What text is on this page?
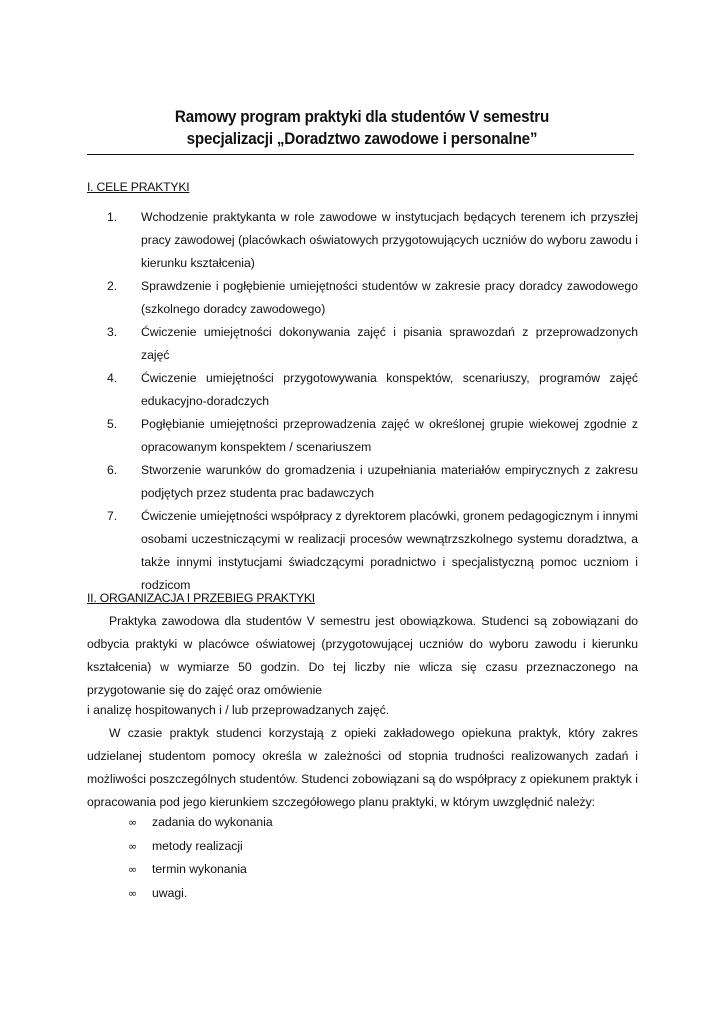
Ramowy program praktyki dla studentów V semestru
specjalizacji „Doradztwo zawodowe i personalne”
I. CELE PRAKTYKI
1. Wchodzenie praktykanta w role zawodowe w instytucjach będących terenem ich przyszłej pracy zawodowej (placówkach oświatowych przygotowujących uczniów do wyboru zawodu i kierunku kształcenia)
2. Sprawdzenie i pogłębienie umiejętności studentów w zakresie pracy doradcy zawodowego (szkolnego doradcy zawodowego)
3. Ćwiczenie umiejętności dokonywania zajęć i pisania sprawozdań z przeprowadzonych zajęć
4. Ćwiczenie umiejętności przygotowywania konspektów, scenariuszy, programów zajęć edukacyjno-doradczych
5. Pogłębianie umiejętności przeprowadzenia zajęć w określonej grupie wiekowej zgodnie z opracowanym konspektem / scenariuszem
6. Stworzenie warunków do gromadzenia i uzupełniania materiałów empirycznych z zakresu podjętych przez studenta prac badawczych
7. Ćwiczenie umiejętności współpracy z dyrektorem placówki, gronem pedagogicznym i innymi osobami uczestniczącymi w realizacji procesów wewnątrzszkolnego systemu doradztwa, a także innymi instytucjami świadczącymi poradnictwo i specjalistyczną pomoc uczniom i rodzicom
II. ORGANIZACJA I PRZEBIEG PRAKTYKI
Praktyka zawodowa dla studentów V semestru jest obowiązkowa. Studenci są zobowiązani do odbycia praktyki w placówce oświatowej (przygotowującej uczniów do wyboru zawodu i kierunku kształcenia) w wymiarze 50 godzin. Do tej liczby nie wlicza się czasu przeznaczonego na przygotowanie się do zajęć oraz omówienie
i analizę hospitowanych i / lub przeprowadzanych zajęć.
W czasie praktyk studenci korzystają z opieki zakładowego opiekuna praktyk, który zakres udzielanej studentom pomocy określa w zależności od stopnia trudności realizowanych zadań i możliwości poszczególnych studentów. Studenci zobowiązani są do współpracy z opiekunem praktyk i opracowania pod jego kierunkiem szczegółowego planu praktyki, w którym uwzględnić należy:
∞ zadania do wykonania
∞ metody realizacji
∞ termin wykonania
∞ uwagi.
